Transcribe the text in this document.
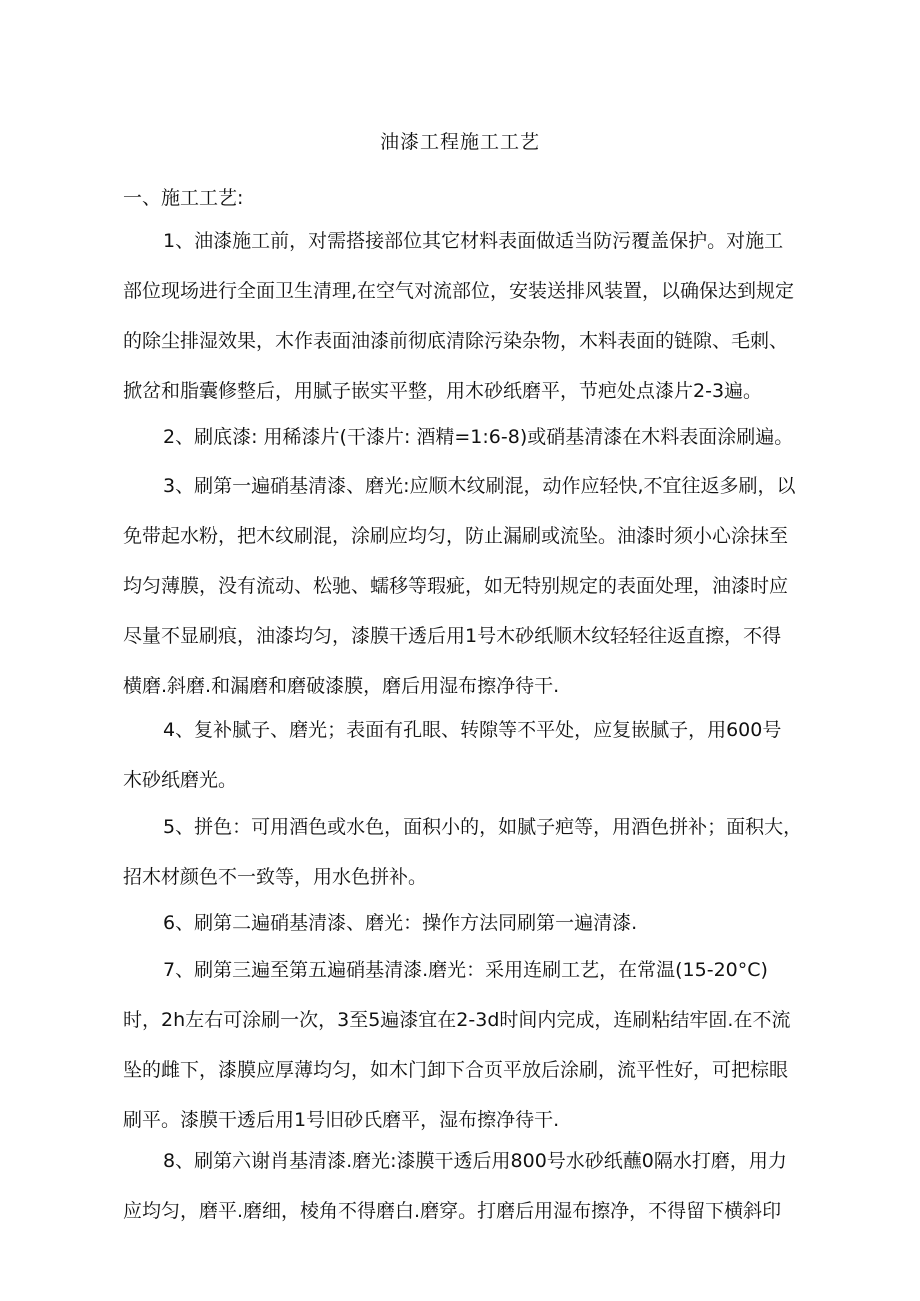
油漆工程施工工艺
一、施工工艺:

1、油漆施工前，对需搭接部位其它材料表面做适当防污覆盖保护。对施工
部位现场进行全面卫生清理,在空气对流部位，安装送排风装置，以确保达到规定
的除尘排湿效果，木作表面油漆前彻底清除污染杂物，木料表面的链隙、毛刺、
掀岔和脂囊修整后，用腻子嵌实平整，用木砂纸磨平，节疤处点漆片2-3遍。

2、刷底漆: 用稀漆片(干漆片: 酒精=1:6-8)或硝基清漆在木料表面涂刷遍。

3、刷第一遍硝基清漆、磨光:应顺木纹刷混，动作应轻快,不宜往返多刷，以
免带起水粉，把木纹刷混，涂刷应均匀，防止漏刷或流坠。油漆时须小心涂抹至
均匀薄膜，没有流动、松驰、蠕移等瑕疵，如无特别规定的表面处理，油漆时应
尽量不显刷痕，油漆均匀，漆膜干透后用1号木砂纸顺木纹轻轻往返直擦，不得
横磨.斜磨.和漏磨和磨破漆膜，磨后用湿布擦净待干.

4、复补腻子、磨光；表面有孔眼、转隙等不平处，应复嵌腻子，用600号
木砂纸磨光。

5、拼色：可用酒色或水色，面积小的，如腻子疤等，用酒色拼补；面积大，
招木材颜色不一致等，用水色拼补。

6、刷第二遍硝基清漆、磨光：操作方法同刷第一遍清漆.

7、刷第三遍至第五遍硝基清漆.磨光：采用连刷工艺，在常温(15-20°C)
时，2h左右可涂刷一次，3至5遍漆宜在2-3d时间内完成，连刷粘结牢固.在不流
坠的雌下，漆膜应厚薄均匀，如木门卸下合页平放后涂刷，流平性好，可把棕眼
刷平。漆膜干透后用1号旧砂氏磨平，湿布擦净待干.

8、刷第六谢肖基清漆.磨光:漆膜干透后用800号水砂纸蘸0隔水打磨，用力
应均匀，磨平.磨细，棱角不得磨白.磨穿。打磨后用湿布擦净，不得留下横斜印
